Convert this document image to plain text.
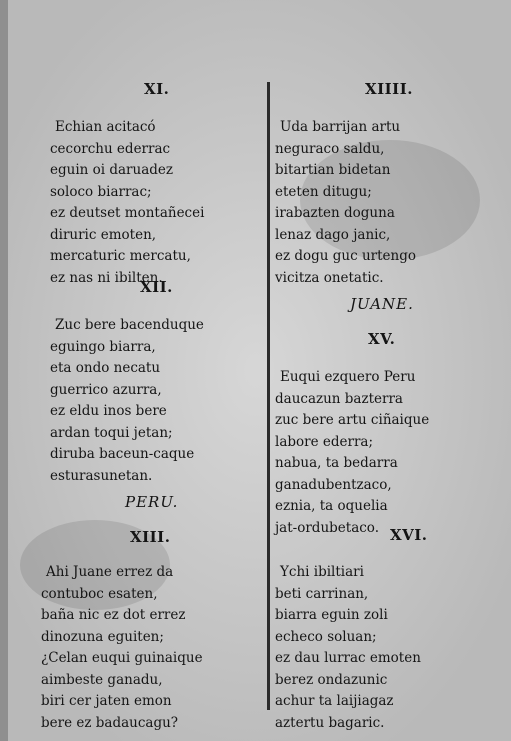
XI.
Echian acitacó
cecorchu ederrac
eguin oi daruadez
soloco biarrac;
ez deutset montañecei
diruric emoten,
mercaturic mercatu,
ez nas ni ibilten.
XII.
Zuc bere bacenduque
eguingo biarra,
eta ondo necatu
guerrico azurra,
ez eldu inos bere
ardan toqui jetan;
diruba baceun-caque
esturasunetan.
PERU.
XIII.
Ahi Juane errez da
contuboc esaten,
baña nic ez dot errez
dinozuna eguiten;
¿Celan euqui guinaique
aimbeste ganadu,
biri cer jaten emon
bere ez badaucagu?
XIIII.
Uda barrijan artu
neguraco saldu,
bitartian bidetan
eteten ditugu;
irabazten doguna
lenaz dago janic,
ez dogu guc urtengo
vicitza onetatic.
JUANE.
XV.
Euqui ezquero Peru
daucazun bazterra
zuc bere artu ciñaique
labore ederra;
nabua, ta bedarra
ganadubentzaco,
eznia, ta oquelia
jat-ordubetaco. XVI.
Ychi ibiltiari
beti carrinan,
biarra eguin zoli
echeco soluan;
ez dau lurrac emoten
berez ondazunic
achur ta laijiagaz
aztertu bagaric.
